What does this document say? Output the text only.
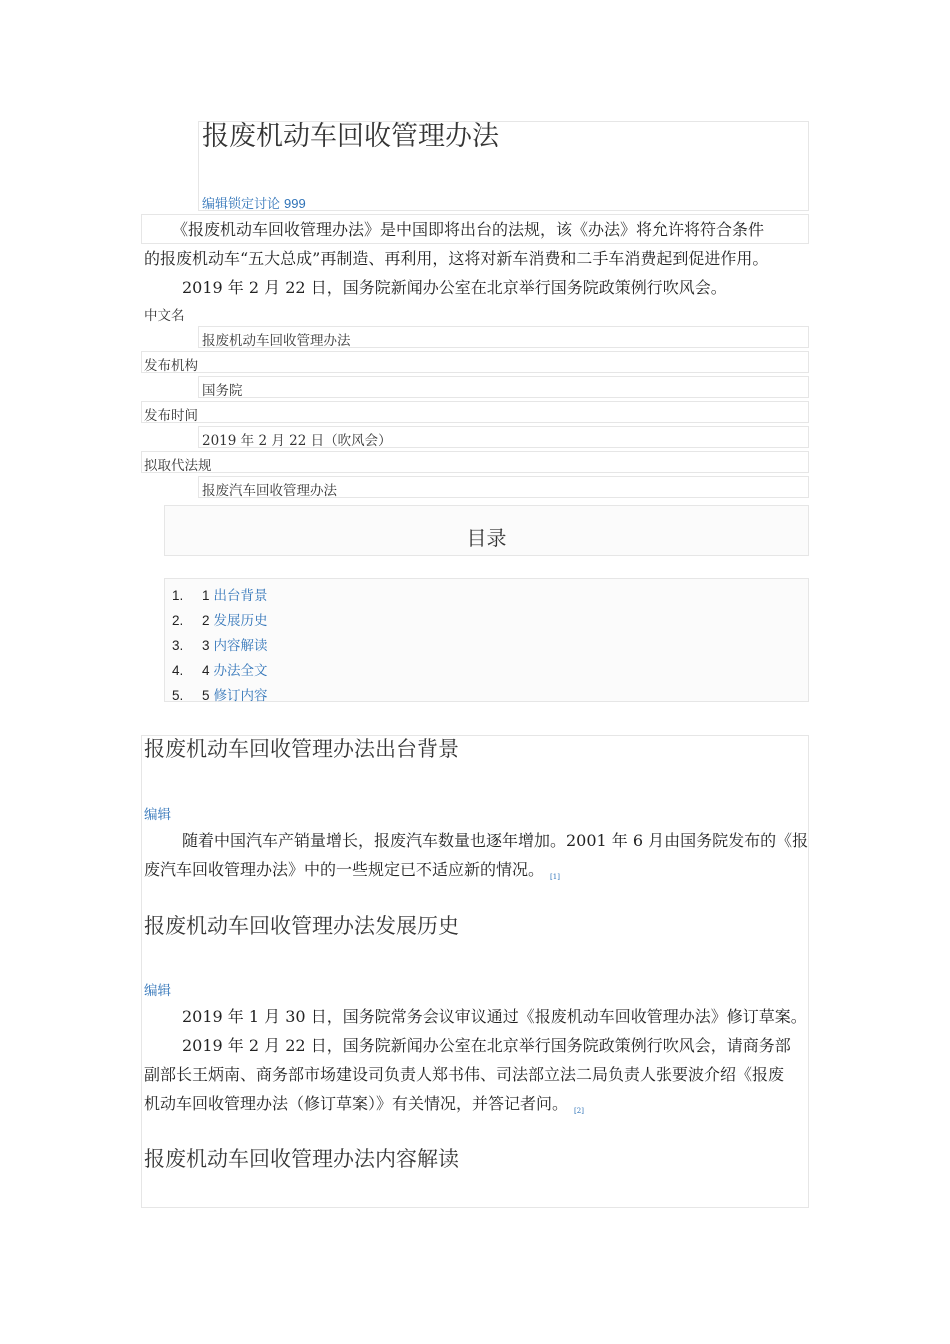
报废机动车回收管理办法
编辑锁定讨论 999
《报废机动车回收管理办法》是中国即将出台的法规，该《办法》将允许将符合条件
的报废机动车“五大总成”再制造、再利用，这将对新车消费和二手车消费起到促进作用。
2019 年 2 月 22 日，国务院新闻办公室在北京举行国务院政策例行吹风会。
中文名
报废机动车回收管理办法
发布机构
国务院
发布时间
2019 年 2 月 22 日（吹风会）
拟取代法规
报废汽车回收管理办法
目录
1. 1 出台背景
2. 2 发展历史
3. 3 内容解读
4. 4 办法全文
5. 5 修订内容
报废机动车回收管理办法出台背景
编辑
随着中国汽车产销量增长，报废汽车数量也逐年增加。2001 年 6 月由国务院发布的《报
废汽车回收管理办法》中的一些规定已不适应新的情况。 $_{[1]}$
报废机动车回收管理办法发展历史
编辑
2019 年 1 月 30 日，国务院常务会议审议通过《报废机动车回收管理办法》修订草案。
2019 年 2 月 22 日，国务院新闻办公室在北京举行国务院政策例行吹风会，请商务部
副部长王炳南、商务部市场建设司负责人郑书伟、司法部立法二局负责人张要波介绍《报废
机动车回收管理办法（修订草案）》有关情况，并答记者问。 $_{[2]}$
报废机动车回收管理办法内容解读
